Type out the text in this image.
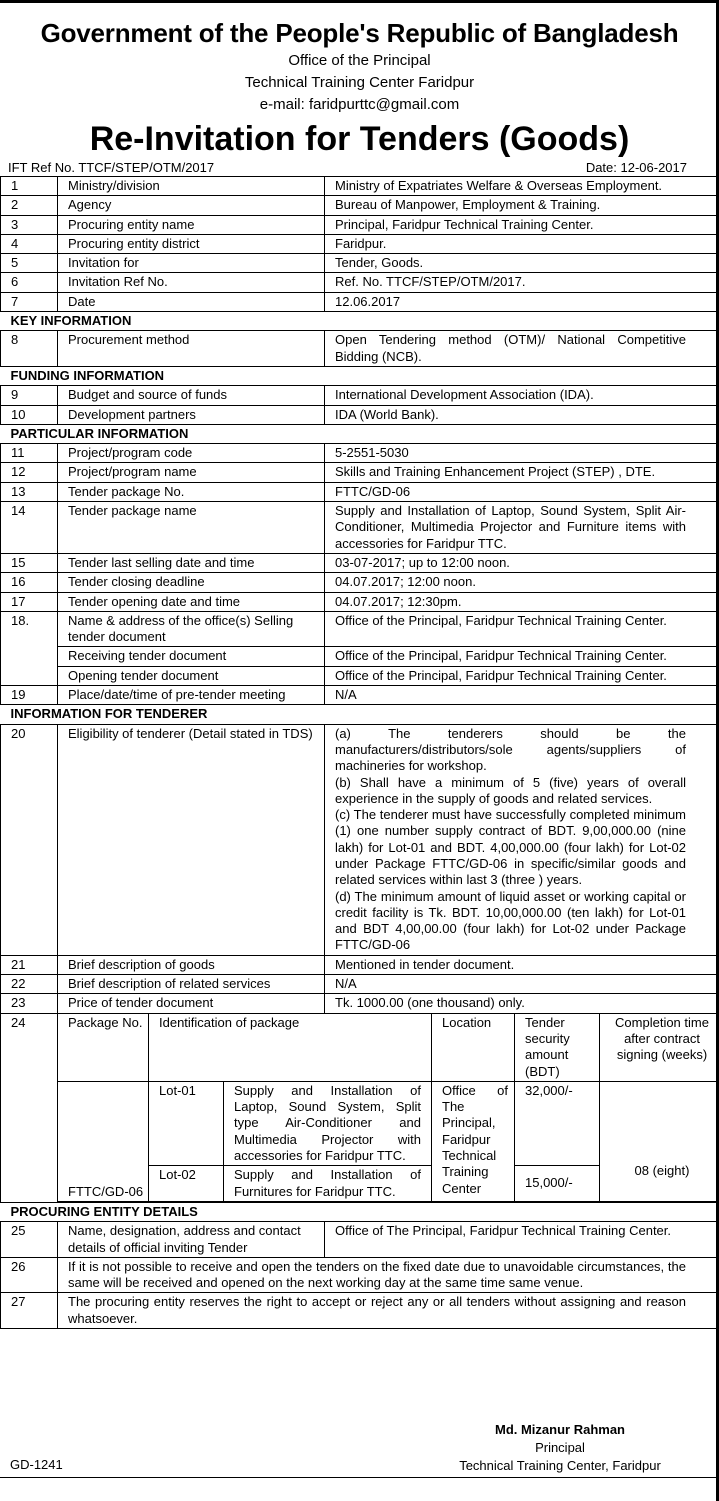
Government of the People's Republic of Bangladesh
Office of the Principal
Technical Training Center Faridpur
e-mail: faridpurttc@gmail.com
Re-Invitation for Tenders (Goods)
IFT Ref No. TTCF/STEP/OTM/2017	Date: 12-06-2017
1	Ministry/division	Ministry of Expatriates Welfare & Overseas Employment.
2	Agency	Bureau of Manpower, Employment & Training.
3	Procuring entity name	Principal, Faridpur Technical Training Center.
4	Procuring entity district	Faridpur.
5	Invitation for	Tender, Goods.
6	Invitation Ref No.	Ref. No. TTCF/STEP/OTM/2017.
7	Date	12.06.2017
KEY INFORMATION
8	Procurement method	Open Tendering method (OTM)/ National Competitive Bidding (NCB).
FUNDING INFORMATION
9	Budget and source of funds	International Development Association (IDA).
10	Development partners	IDA (World Bank).
PARTICULAR INFORMATION
11	Project/program code	5-2551-5030
12	Project/program name	Skills and Training Enhancement Project (STEP) , DTE.
13	Tender package No.	FTTC/GD-06
14	Tender package name	Supply and Installation of Laptop, Sound System, Split Air-Conditioner, Multimedia Projector and Furniture items with accessories for Faridpur TTC.
15	Tender last selling date and time	03-07-2017; up to 12:00 noon.
16	Tender closing deadline	04.07.2017; 12:00 noon.
17	Tender opening date and time	04.07.2017; 12:30pm.
18.	Name & address of the office(s) Selling tender document	Office of the Principal, Faridpur Technical Training Center.
Receiving tender document	Office of the Principal, Faridpur Technical Training Center.
Opening tender document	Office of the Principal, Faridpur Technical Training Center.
19	Place/date/time of pre-tender meeting	N/A
INFORMATION FOR TENDERER
20	Eligibility of tenderer (Detail stated in TDS)	(a) The tenderers should be the manufacturers/distributors/sole agents/suppliers of machineries for workshop.
(b) Shall have a minimum of 5 (five) years of overall experience in the supply of goods and related services.
(c) The tenderer must have successfully completed minimum (1) one number supply contract of BDT. 9,00,000.00 (nine lakh) for Lot-01 and BDT. 4,00,000.00 (four lakh) for Lot-02 under Package FTTC/GD-06 in specific/similar goods and related services within last 3 (three ) years.
(d) The minimum amount of liquid asset or working capital or credit facility is Tk. BDT. 10,00,000.00 (ten lakh) for Lot-01 and BDT 4,00,00.00 (four lakh) for Lot-02 under Package FTTC/GD-06

21	Brief description of goods	Mentioned in tender document.
22	Brief description of related services	N/A
23	Price of tender document	Tk. 1000.00 (one thousand) only.
24		Package No.	Identification of package	Location	Tender security amount (BDT)	Completion time after contract signing (weeks)
FTTC/GD-06	Lot-01	Supply and Installation of Laptop, Sound System, Split type Air-Conditioner and Multimedia Projector with accessories for Faridpur TTC.	Office of The Principal, Faridpur Technical Training Center	32,000/-	08 (eight)
Lot-02	Supply and Installation of Furnitures for Faridpur TTC.	15,000/-

PROCURING ENTITY DETAILS
25	Name, designation, address and contact details of official inviting Tender	Office of The Principal, Faridpur Technical Training Center.
26	If it is not possible to receive and open the tenders on the fixed date due to unavoidable circumstances, the same will be received and opened on the next working day at the same time same venue.
27	The procuring entity reserves the right to accept or reject any or all tenders without assigning and reason whatsoever.
Md. Mizanur Rahman
Principal
Technical Training Center, Faridpur
GD-1241
